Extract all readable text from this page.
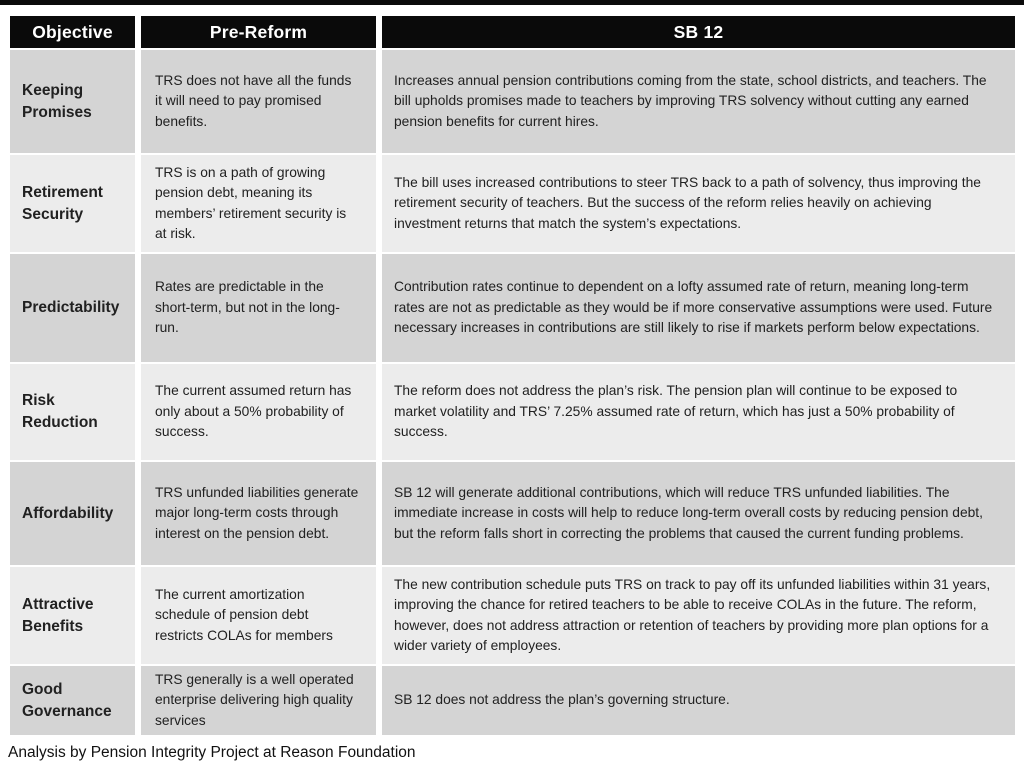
Objective	Pre-Reform	SB 12
Keeping Promises
TRS does not have all the funds it will need to pay promised benefits.
Increases annual pension contributions coming from the state, school districts, and teachers. The bill upholds promises made to teachers by improving TRS solvency without cutting any earned pension benefits for current hires.
Retirement Security
TRS is on a path of growing pension debt, meaning its members’ retirement security is at risk.
The bill uses increased contributions to steer TRS back to a path of solvency, thus improving the retirement security of teachers. But the success of the reform relies heavily on achieving investment returns that match the system’s expectations.
Predictability
Rates are predictable in the short-term, but not in the long-run.
Contribution rates continue to dependent on a lofty assumed rate of return, meaning long-term rates are not as predictable as they would be if more conservative assumptions were used. Future necessary increases in contributions are still likely to rise if markets perform below expectations.
Risk Reduction
The current assumed return has only about a 50% probability of success.
The reform does not address the plan’s risk. The pension plan will continue to be exposed to market volatility and TRS’ 7.25% assumed rate of return, which has just a 50% probability of success.
Affordability
TRS unfunded liabilities generate major long-term costs through interest on the pension debt.
SB 12 will generate additional contributions, which will reduce TRS unfunded liabilities. The immediate increase in costs will help to reduce long-term overall costs by reducing pension debt, but the reform falls short in correcting the problems that caused the current funding problems.
Attractive Benefits
The current amortization schedule of pension debt restricts COLAs for members
The new contribution schedule puts TRS on track to pay off its unfunded liabilities within 31 years, improving the chance for retired teachers to be able to receive COLAs in the future. The reform, however, does not address attraction or retention of teachers by providing more plan options for a wider variety of employees.
Good Governance
TRS generally is a well operated enterprise delivering high quality services
SB 12 does not address the plan’s governing structure.
Analysis by Pension Integrity Project at Reason Foundation
